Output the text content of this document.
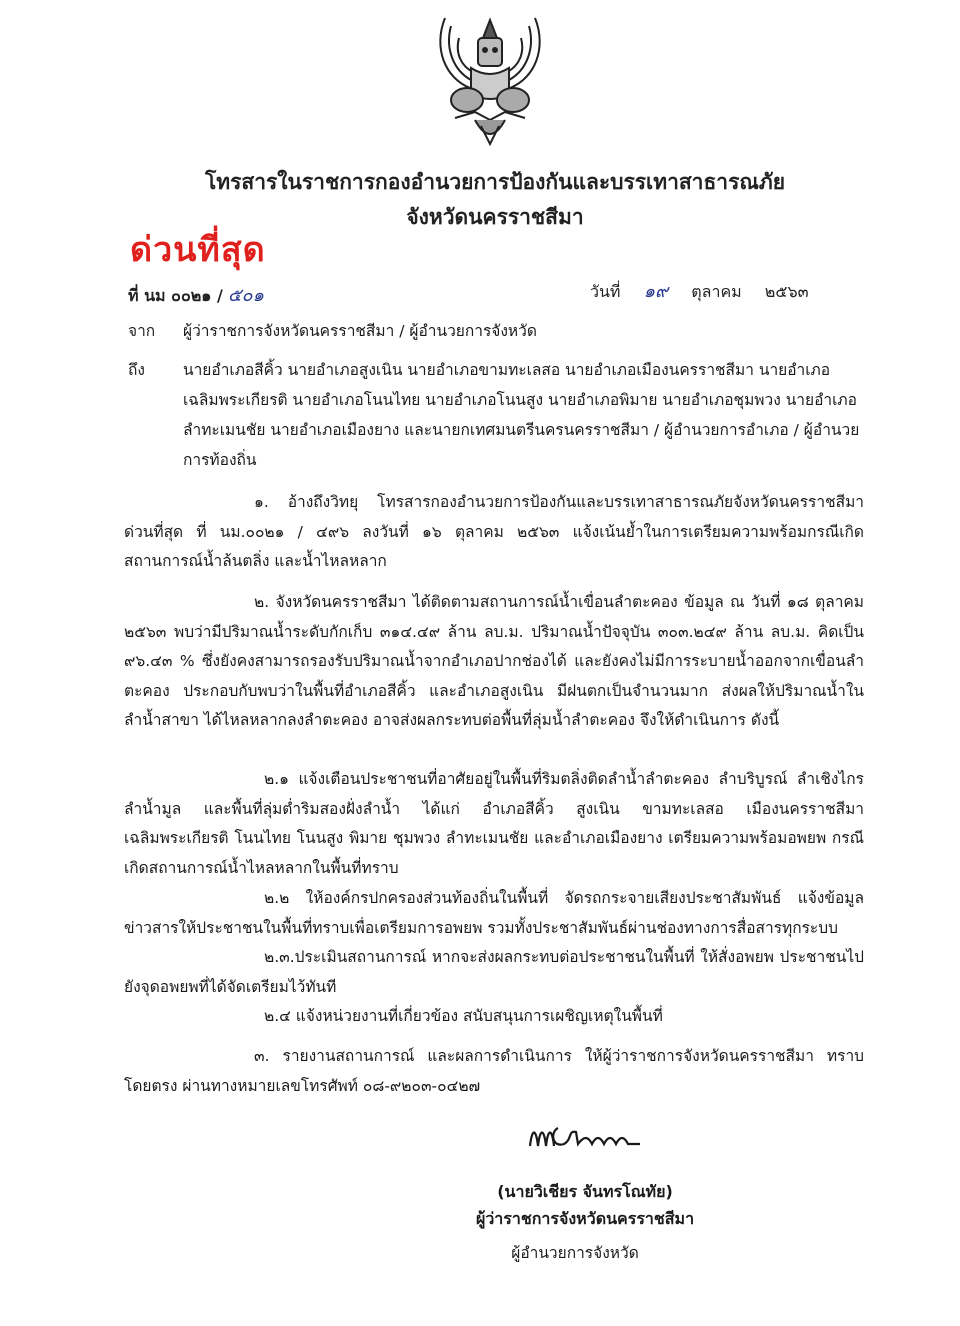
โทรสารในราชการกองอำนวยการป้องกันและบรรเทาสาธารณภัย
จังหวัดนครราชสีมา
ด่วนที่สุด
ที่ นม ๐๐๒๑ / ๕๐๑	วันที่ ๑๙ ตุลาคม ๒๕๖๓
จาก ผู้ว่าราชการจังหวัดนครราชสีมา / ผู้อำนวยการจังหวัด
ถึง นายอำเภอสีคิ้ว นายอำเภอสูงเนิน นายอำเภอขามทะเลสอ นายอำเภอเมืองนครราชสีมา นายอำเภอเฉลิมพระเกียรติ นายอำเภอโนนไทย นายอำเภอโนนสูง นายอำเภอพิมาย นายอำเภอชุมพวง นายอำเภอลำทะเมนชัย นายอำเภอเมืองยาง และนายกเทศมนตรีนครนครราชสีมา / ผู้อำนวยการอำเภอ / ผู้อำนวยการท้องถิ่น
๑. อ้างถึงวิทยุ โทรสารกองอำนวยการป้องกันและบรรเทาสาธารณภัยจังหวัดนครราชสีมา ด่วนที่สุด ที่ นม.๐๐๒๑ / ๔๙๖ ลงวันที่ ๑๖ ตุลาคม ๒๕๖๓ แจ้งเน้นย้ำในการเตรียมความพร้อมกรณีเกิดสถานการณ์น้ำล้นตลิ่ง และน้ำไหลหลาก
๒. จังหวัดนครราชสีมา ได้ติดตามสถานการณ์น้ำเขื่อนลำตะคอง ข้อมูล ณ วันที่ ๑๘ ตุลาคม ๒๕๖๓ พบว่ามีปริมาณน้ำระดับกักเก็บ ๓๑๔.๔๙ ล้าน ลบ.ม. ปริมาณน้ำปัจจุบัน ๓๐๓.๒๔๙ ล้าน ลบ.ม. คิดเป็น ๙๖.๔๓ % ซึ่งยังคงสามารถรองรับปริมาณน้ำจากอำเภอปากช่องได้ และยังคงไม่มีการระบายน้ำออกจากเขื่อนลำตะคอง ประกอบกับพบว่าในพื้นที่อำเภอสีคิ้ว และอำเภอสูงเนิน มีฝนตกเป็นจำนวนมาก ส่งผลให้ปริมาณน้ำในลำน้ำสาขา ได้ไหลหลากลงลำตะคอง อาจส่งผลกระทบต่อพื้นที่ลุ่มน้ำลำตะคอง จึงให้ดำเนินการ ดังนี้
๒.๑ แจ้งเตือนประชาชนที่อาศัยอยู่ในพื้นที่ริมตลิ่งติดลำน้ำลำตะคอง ลำบริบูรณ์ ลำเชิงไกร ลำน้ำมูล และพื้นที่ลุ่มต่ำริมสองฝั่งลำน้ำ ได้แก่ อำเภอสีคิ้ว สูงเนิน ขามทะเลสอ เมืองนครราชสีมา เฉลิมพระเกียรติ โนนไทย โนนสูง พิมาย ชุมพวง ลำทะเมนชัย และอำเภอเมืองยาง เตรียมความพร้อมอพยพ กรณีเกิดสถานการณ์น้ำไหลหลากในพื้นที่ทราบ
๒.๒ ให้องค์กรปกครองส่วนท้องถิ่นในพื้นที่ จัดรถกระจายเสียงประชาสัมพันธ์ แจ้งข้อมูลข่าวสารให้ประชาชนในพื้นที่ทราบเพื่อเตรียมการอพยพ รวมทั้งประชาสัมพันธ์ผ่านช่องทางการสื่อสารทุกระบบ
๒.๓.ประเมินสถานการณ์ หากจะส่งผลกระทบต่อประชาชนในพื้นที่ ให้สั่งอพยพ ประชาชนไปยังจุดอพยพที่ได้จัดเตรียมไว้ทันที
๒.๔ แจ้งหน่วยงานที่เกี่ยวข้อง สนับสนุนการเผชิญเหตุในพื้นที่
๓. รายงานสถานการณ์ และผลการดำเนินการ ให้ผู้ว่าราชการจังหวัดนครราชสีมา ทราบ โดยตรง ผ่านทางหมายเลขโทรศัพท์ ๐๘-๙๒๐๓-๐๔๒๗
(นายวิเชียร จันทรโณทัย)
ผู้ว่าราชการจังหวัดนครราชสีมา
ผู้อำนวยการจังหวัด
